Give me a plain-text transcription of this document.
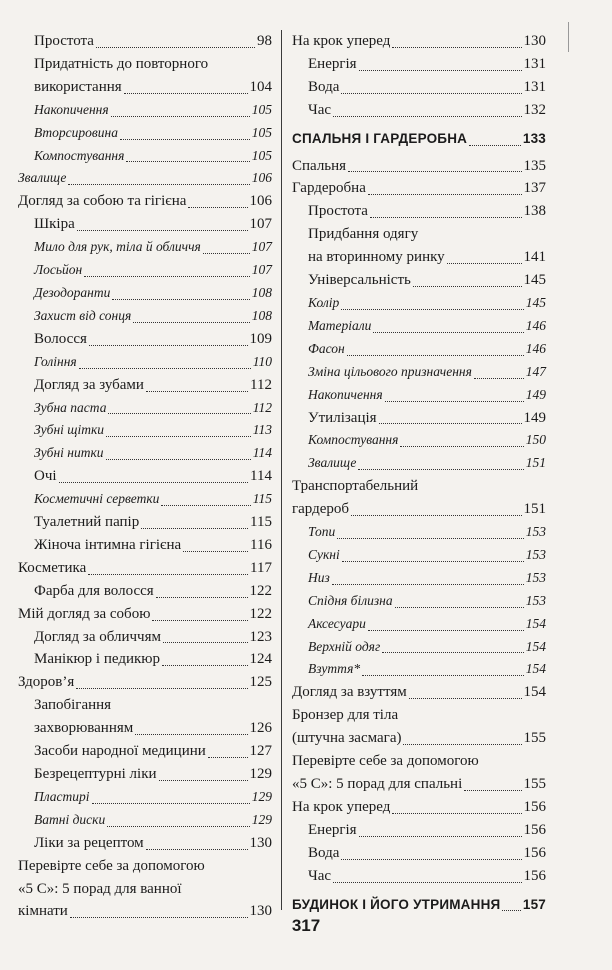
Простота	98
Придатність до повторного
використання	104
Накопичення	105
Вторсировина	105
Компостування	105
Звалище	106
Догляд за собою та гігієна	106
Шкіра	107
Мило для рук, тіла й обличчя	107
Лосьйон	107
Дезодоранти	108
Захист від сонця	108
Волосся	109
Гоління	110
Догляд за зубами	112
Зубна паста	112
Зубні щітки	113
Зубні нитки	114
Очі	114
Косметичні серветки	115
Туалетний папір	115
Жіноча інтимна гігієна	116
Косметика	117
Фарба для волосся	122
Мій догляд за собою	122
Догляд за обличчям	123
Манікюр і педикюр	124
Здоров’я	125
Запобігання
захворюванням	126
Засоби народної медицини	127
Безрецептурні ліки	129
Пластирі	129
Ватні диски	129
Ліки за рецептом	130
Перевірте себе за допомогою
«5 С»: 5 порад для ванної
кімнати	130
На крок уперед	130
Енергія	131
Вода	131
Час	132
СПАЛЬНЯ І ГАРДЕРОБНА	133
Спальня	135
Гардеробна	137
Простота	138
Придбання одягу
на вторинному ринку	141
Універсальність	145
Колір	145
Матеріали	146
Фасон	146
Зміна цільового призначення	147
Накопичення	149
Утилізація	149
Компостування	150
Звалище	151
Транспортабельний
гардероб	151
Топи	153
Сукні	153
Низ	153
Спідня білизна	153
Аксесуари	154
Верхній одяг	154
Взуття*	154
Догляд за взуттям	154
Бронзер для тіла
(штучна засмага)	155
Перевірте себе за допомогою
«5 С»: 5 порад для спальні	155
На крок уперед	156
Енергія	156
Вода	156
Час	156
БУДИНОК І ЙОГО УТРИМАННЯ 157
317
